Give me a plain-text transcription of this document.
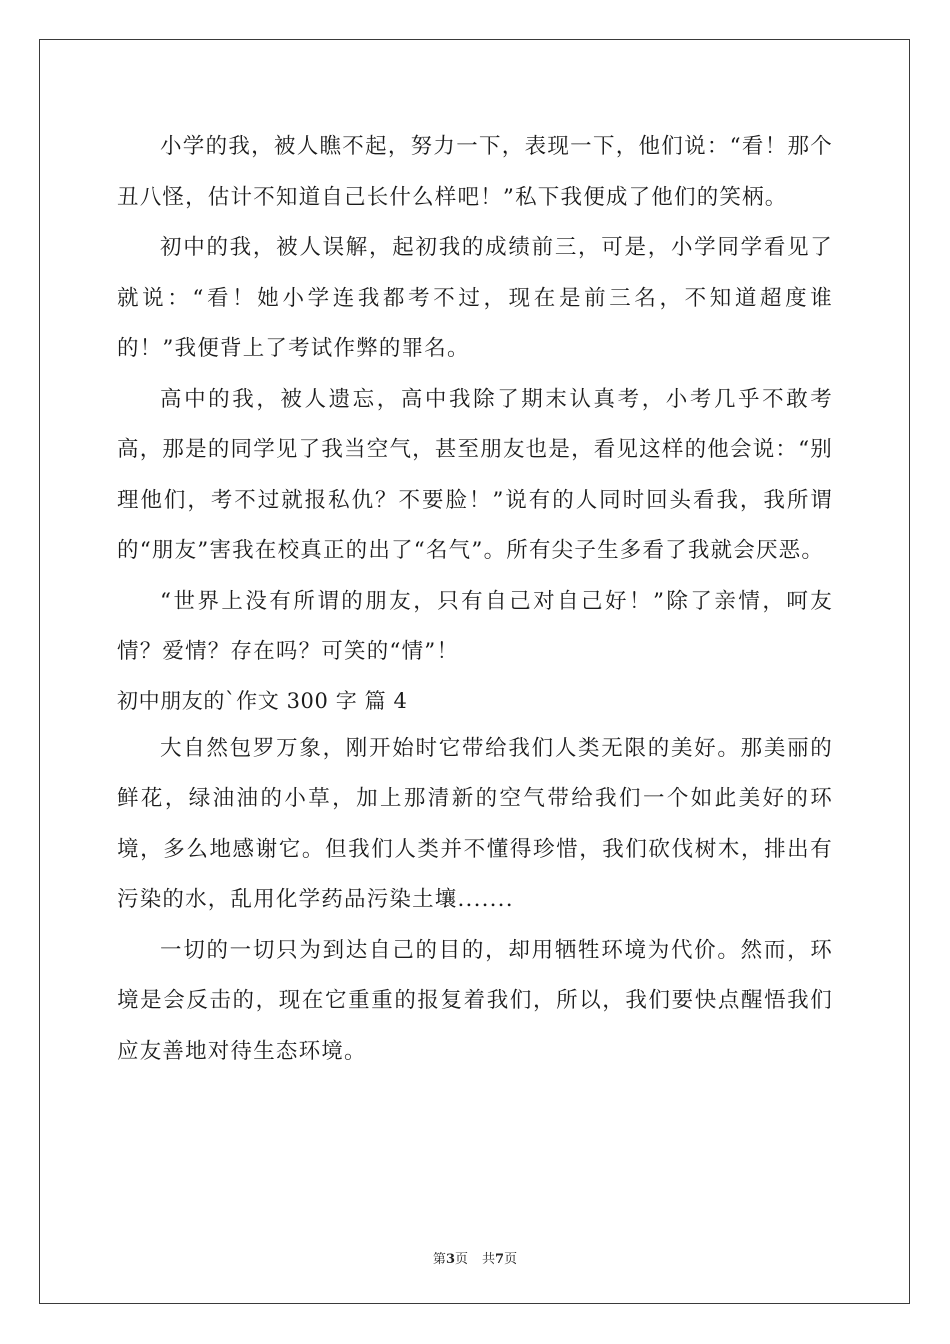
小学的我，被人瞧不起，努力一下，表现一下，他们说：“看！那个丑八怪，估计不知道自己长什么样吧！”私下我便成了他们的笑柄。

初中的我，被人误解，起初我的成绩前三，可是，小学同学看见了就说：“看！她小学连我都考不过，现在是前三名，不知道超度谁的！”我便背上了考试作弊的罪名。

高中的我，被人遗忘，高中我除了期末认真考，小考几乎不敢考高，那是的同学见了我当空气，甚至朋友也是，看见这样的他会说：“别理他们，考不过就报私仇？不要脸！”说有的人同时回头看我，我所谓的“朋友”害我在校真正的出了“名气”。所有尖子生多看了我就会厌恶。

“世界上没有所谓的朋友，只有自己对自己好！”除了亲情，呵友情？爱情？存在吗？可笑的“情”！

初中朋友的`作文 300 字 篇 4

大自然包罗万象，刚开始时它带给我们人类无限的美好。那美丽的鲜花，绿油油的小草，加上那清新的空气带给我们一个如此美好的环境，多么地感谢它。但我们人类并不懂得珍惜，我们砍伐树木，排出有污染的水，乱用化学药品污染土壤.......

一切的一切只为到达自己的目的，却用牺牲环境为代价。然而，环境是会反击的，现在它重重的报复着我们，所以，我们要快点醒悟我们应友善地对待生态环境。

第3页 共7页
